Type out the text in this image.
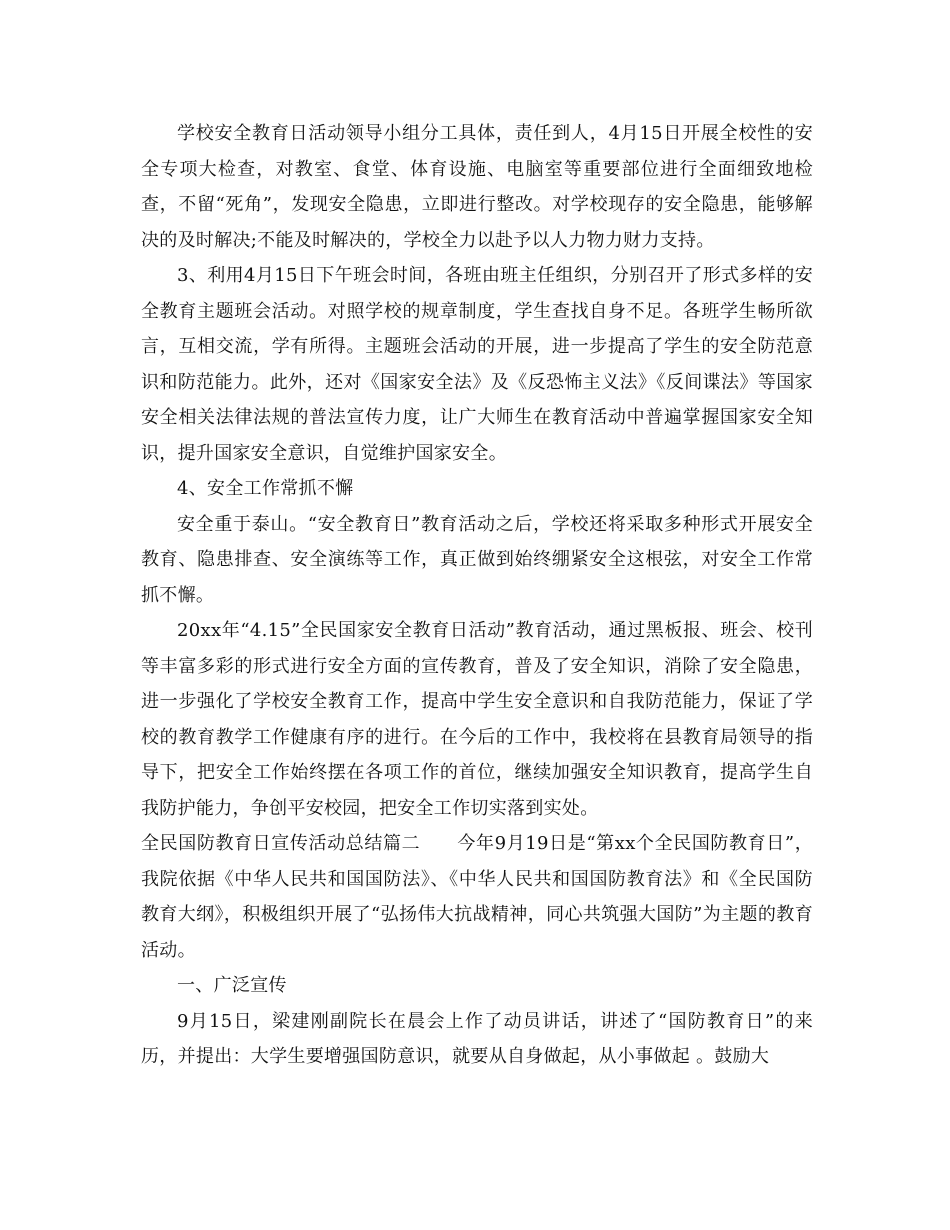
学校安全教育日活动领导小组分工具体，责任到人，4月15日开展全校性的安全专项大检查，对教室、食堂、体育设施、电脑室等重要部位进行全面细致地检查，不留“死角”，发现安全隐患，立即进行整改。对学校现存的安全隐患，能够解决的及时解决;不能及时解决的，学校全力以赴予以人力物力财力支持。

3、利用4月15日下午班会时间，各班由班主任组织，分别召开了形式多样的安全教育主题班会活动。对照学校的规章制度，学生查找自身不足。各班学生畅所欲言，互相交流，学有所得。主题班会活动的开展，进一步提高了学生的安全防范意识和防范能力。此外，还对《国家安全法》及《反恐怖主义法》《反间谍法》等国家安全相关法律法规的普法宣传力度，让广大师生在教育活动中普遍掌握国家安全知识，提升国家安全意识，自觉维护国家安全。

4、安全工作常抓不懈

安全重于泰山。“安全教育日”教育活动之后，学校还将采取多种形式开展安全教育、隐患排查、安全演练等工作，真正做到始终绷紧安全这根弦，对安全工作常抓不懈。

20xx年“4.15”全民国家安全教育日活动”教育活动，通过黑板报、班会、校刊等丰富多彩的形式进行安全方面的宣传教育，普及了安全知识，消除了安全隐患，进一步强化了学校安全教育工作，提高中学生安全意识和自我防范能力，保证了学校的教育教学工作健康有序的进行。在今后的工作中，我校将在县教育局领导的指导下，把安全工作始终摆在各项工作的首位，继续加强安全知识教育，提高学生自我防护能力，争创平安校园，把安全工作切实落到实处。

全民国防教育日宣传活动总结篇二　　今年9月19日是“第xx个全民国防教育日”，我院依据《中华人民共和国国防法》、《中华人民共和国国防教育法》和《全民国防教育大纲》，积极组织开展了“弘扬伟大抗战精神，同心共筑强大国防”为主题的教育活动。

一、广泛宣传

9月15日，梁建刚副院长在晨会上作了动员讲话，讲述了“国防教育日”的来历，并提出：大学生要增强国防意识，就要从自身做起，从小事做起 。鼓励大
